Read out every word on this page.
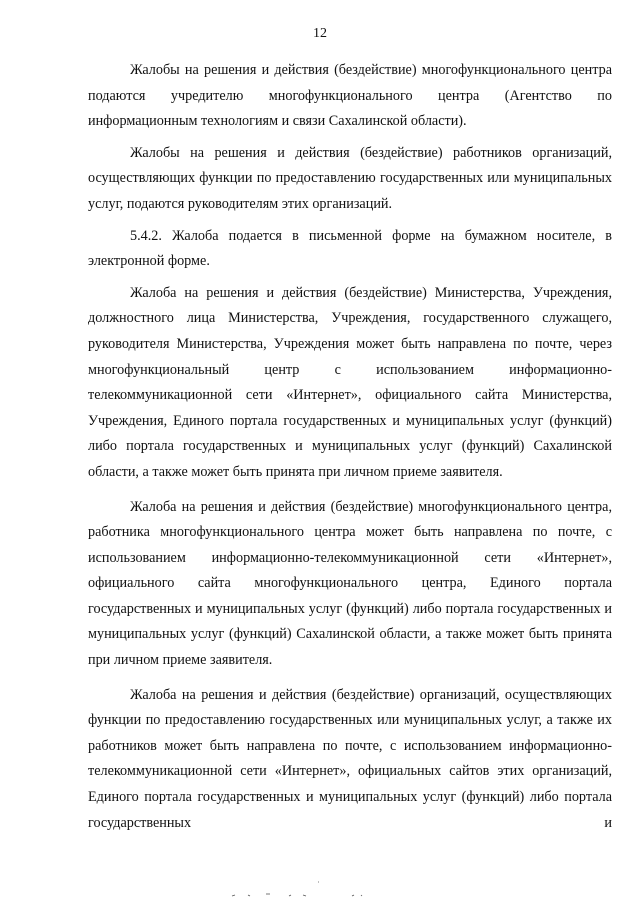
12

Жалобы на решения и действия (бездействие) многофункционального центра подаются учредителю многофункционального центра (Агентство по информационным технологиям и связи Сахалинской области).

Жалобы на решения и действия (бездействие) работников организаций, осуществляющих функции по предоставлению государственных или муниципальных услуг, подаются руководителям этих организаций.

5.4.2. Жалоба подается в письменной форме на бумажном носителе, в электронной форме.

Жалоба на решения и действия (бездействие) Министерства, Учреждения, должностного лица Министерства, Учреждения, государственного служащего, руководителя Министерства, Учреждения может быть направлена по почте, через многофункциональный центр с использованием информационно-телекоммуникационной сети «Интернет», официального сайта Министерства, Учреждения, Единого портала государственных и муниципальных услуг (функций) либо портала государственных и муниципальных услуг (функций) Сахалинской области, а также может быть принята при личном приеме заявителя.

Жалоба на решения и действия (бездействие) многофункционального центра, работника многофункционального центра может быть направлена по почте, с использованием информационно-телекоммуникационной сети «Интернет», официального сайта многофункционального центра, Единого портала государственных и муниципальных услуг (функций) либо портала государственных и муниципальных услуг (функций) Сахалинской области, а также может быть принята при личном приеме заявителя.

Жалоба на решения и действия (бездействие) организаций, осуществляющих функции по предоставлению государственных или муниципальных услуг, а также их работников может быть направлена по почте, с использованием информационно-телекоммуникационной сети «Интернет», официальных сайтов этих организаций, Единого портала государственных и муниципальных услуг (функций) либо портала государственных и
